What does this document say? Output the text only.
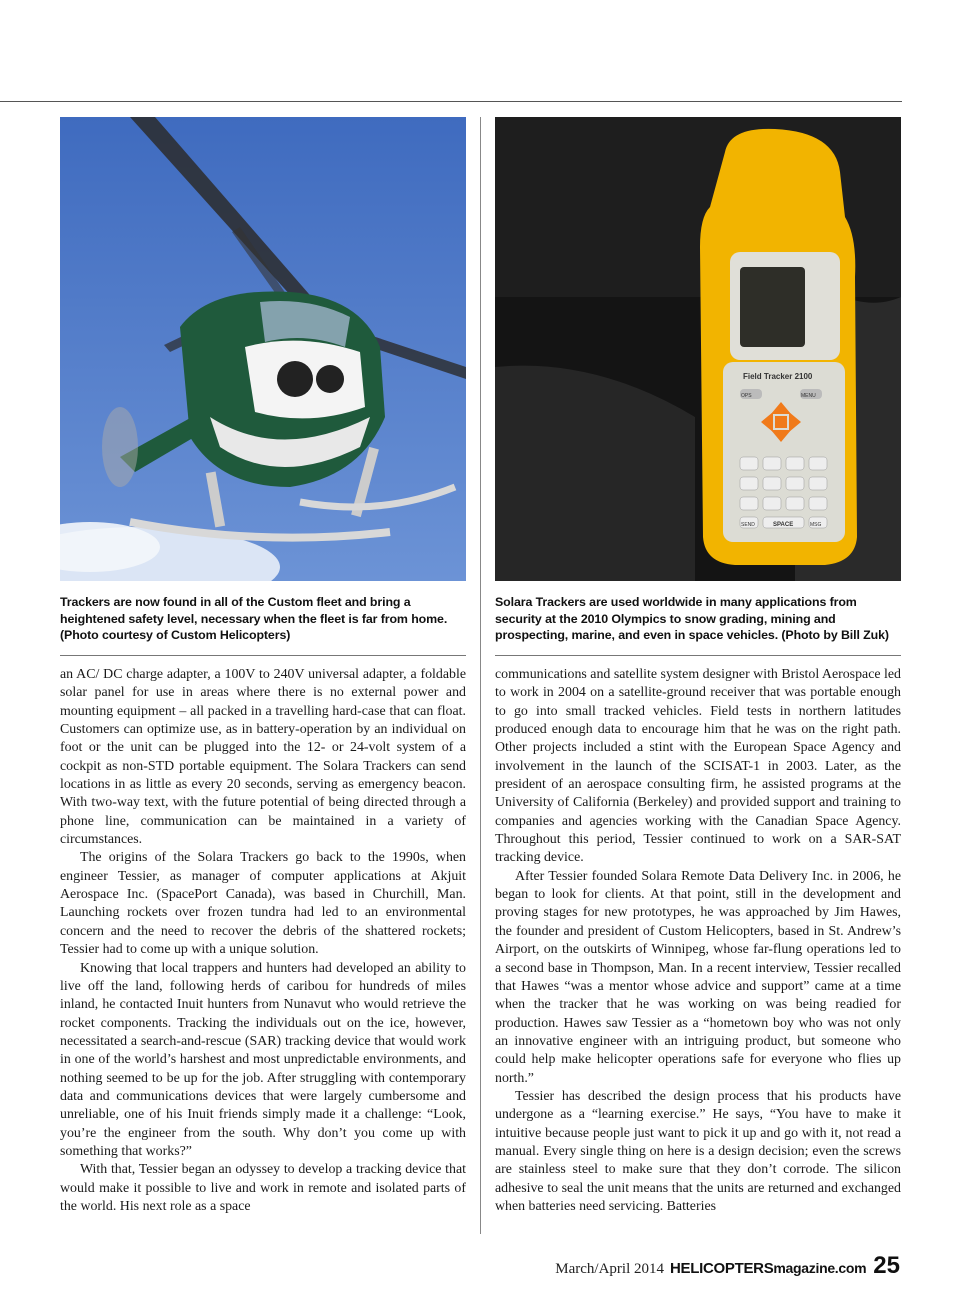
Field Tracker 2100
SPACE
OPS	MENU
SEND	MSG
Trackers are now found in all of the Custom fleet and bring a heightened safety level, necessary when the fleet is far from home. (Photo courtesy of Custom Helicopters)
Solara Trackers are used worldwide in many applications from security at the 2010 Olympics to snow grading, mining and prospecting, marine, and even in space vehicles. (Photo by Bill Zuk)

an AC/ DC charge adapter, a 100V to 240V universal adapter, a foldable solar panel for use in areas where there is no external power and mounting equipment – all packed in a travelling hard-case that can float. Customers can optimize use, as in battery-operation by an individual on foot or the unit can be plugged into the 12- or 24-volt system of a cockpit as non-STD portable equipment. The Solara Trackers can send locations in as little as every 20 seconds, serving as emergency beacon. With two-way text, with the future potential of being directed through a phone line, communication can be maintained in a variety of circumstances.

The origins of the Solara Trackers go back to the 1990s, when engineer Tessier, as manager of computer applications at Akjuit Aerospace Inc. (SpacePort Canada), was based in Churchill, Man. Launching rockets over frozen tundra had led to an environmental concern and the need to recover the debris of the shattered rockets; Tessier had to come up with a unique solution.

Knowing that local trappers and hunters had developed an ability to live off the land, following herds of caribou for hundreds of miles inland, he contacted Inuit hunters from Nunavut who would retrieve the rocket components. Tracking the individuals out on the ice, however, necessitated a search-and-rescue (SAR) tracking device that would work in one of the world’s harshest and most unpredictable environments, and nothing seemed to be up for the job. After struggling with contemporary data and communications devices that were largely cumbersome and unreliable, one of his Inuit friends simply made it a challenge: “Look, you’re the engineer from the south. Why don’t you come up with something that works?”

With that, Tessier began an odyssey to develop a tracking device that would make it possible to live and work in remote and isolated parts of the world. His next role as a space

communications and satellite system designer with Bristol Aerospace led to work in 2004 on a satellite-ground receiver that was portable enough to go into small tracked vehicles. Field tests in northern latitudes produced enough data to encourage him that he was on the right path. Other projects included a stint with the European Space Agency and involvement in the launch of the SCISAT-1 in 2003. Later, as the president of an aerospace consulting firm, he assisted programs at the University of California (Berkeley) and provided support and training to companies and agencies working with the Canadian Space Agency. Throughout this period, Tessier continued to work on a SAR-SAT tracking device.

After Tessier founded Solara Remote Data Delivery Inc. in 2006, he began to look for clients. At that point, still in the development and proving stages for new prototypes, he was approached by Jim Hawes, the founder and president of Custom Helicopters, based in St. Andrew’s Airport, on the outskirts of Winnipeg, whose far-flung operations led to a second base in Thompson, Man. In a recent interview, Tessier recalled that Hawes “was a mentor whose advice and support” came at a time when the tracker that he was working on was being readied for production. Hawes saw Tessier as a “hometown boy who was not only an innovative engineer with an intriguing product, but someone who could help make helicopter operations safe for everyone who flies up north.”

Tessier has described the design process that his products have undergone as a “learning exercise.” He says, “You have to make it intuitive because people just want to pick it up and go with it, not read a manual. Every single thing on here is a design decision; even the screws are stainless steel to make sure that they don’t corrode. The silicon adhesive to seal the unit means that the units are returned and exchanged when batteries need servicing. Batteries

March/April 2014 HELICOPTERSmagazine.com 25
